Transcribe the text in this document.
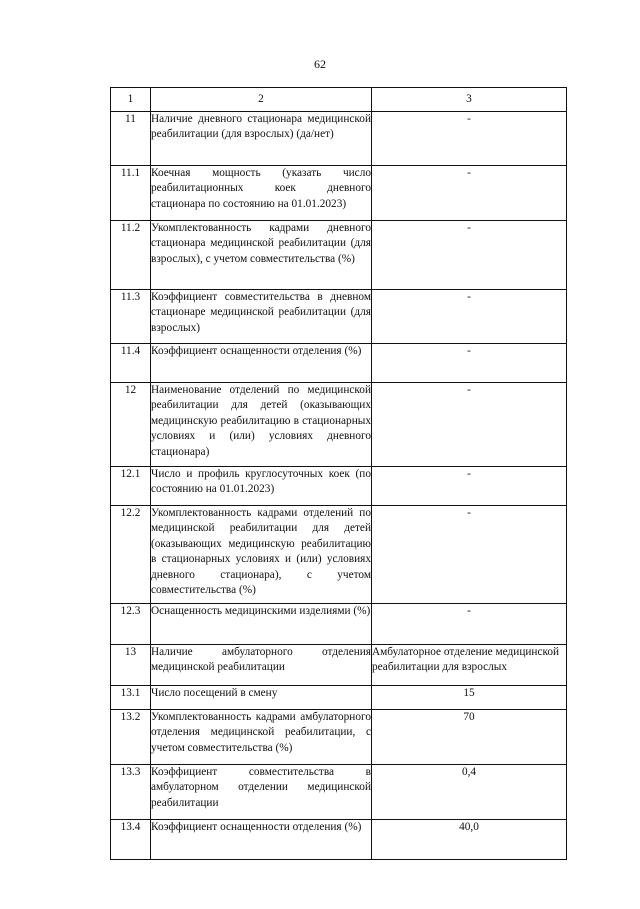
62
1	2	3
11	Наличие дневного стационара медицинской реабилитации (для взрослых) (да/нет)	-
11.1	Коечная мощность (указать число реабилитационных коек дневного стационара по состоянию на 01.01.2023)	-
11.2	Укомплектованность кадрами дневного стационара медицинской реабилитации (для взрослых), с учетом совместительства (%)	-
11.3	Коэффициент совместительства в дневном стационаре медицинской реабилитации (для взрослых)	-
11.4	Коэффициент оснащенности отделения (%)	-
12	Наименование отделений по медицинской реабилитации для детей (оказывающих медицинскую реабилитацию в стационарных условиях и (или) условиях дневного стационара)	-
12.1	Число и профиль круглосуточных коек (по состоянию на 01.01.2023)	-
12.2	Укомплектованность кадрами отделений по медицинской реабилитации для детей (оказывающих медицинскую реабилитацию в стационарных условиях и (или) условиях дневного стационара), с учетом совместительства (%)	-
12.3	Оснащенность медицинскими изделиями (%)	-
13	Наличие амбулаторного отделения медицинской реабилитации	Амбулаторное отделение медицинской реабилитации для взрослых
13.1	Число посещений в смену	15
13.2	Укомплектованность кадрами амбулаторного отделения медицинской реабилитации, с учетом совместительства (%)	70
13.3	Коэффициент совместительства в амбулаторном отделении медицинской реабилитации	0,4
13.4	Коэффициент оснащенности отделения (%)	40,0
